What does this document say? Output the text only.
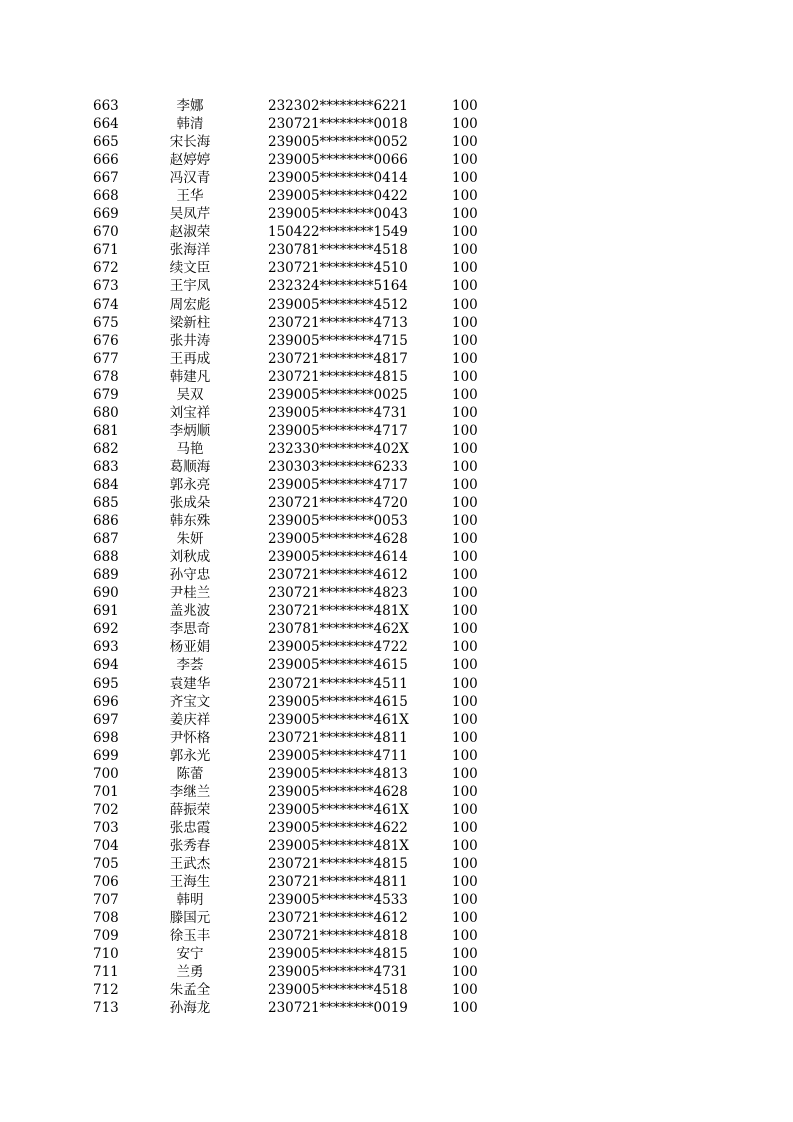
663	李娜	232302********6221	100
664	韩清	230721********0018	100
665	宋长海	239005********0052	100
666	赵婷婷	239005********0066	100
667	冯汉青	239005********0414	100
668	王华	239005********0422	100
669	吴凤芹	239005********0043	100
670	赵淑荣	150422********1549	100
671	张海洋	230781********4518	100
672	续文臣	230721********4510	100
673	王宇凤	232324********5164	100
674	周宏彪	239005********4512	100
675	梁新柱	230721********4713	100
676	张井涛	239005********4715	100
677	王再成	230721********4817	100
678	韩建凡	230721********4815	100
679	吴双	239005********0025	100
680	刘宝祥	239005********4731	100
681	李炳顺	239005********4717	100
682	马艳	232330********402X	100
683	葛顺海	230303********6233	100
684	郭永亮	239005********4717	100
685	张成朵	230721********4720	100
686	韩东殊	239005********0053	100
687	朱妍	239005********4628	100
688	刘秋成	239005********4614	100
689	孙守忠	230721********4612	100
690	尹桂兰	230721********4823	100
691	盖兆波	230721********481X	100
692	李思奇	230781********462X	100
693	杨亚娟	239005********4722	100
694	李荟	239005********4615	100
695	袁建华	230721********4511	100
696	齐宝文	239005********4615	100
697	姜庆祥	239005********461X	100
698	尹怀格	230721********4811	100
699	郭永光	239005********4711	100
700	陈蕾	239005********4813	100
701	李继兰	239005********4628	100
702	薛振荣	239005********461X	100
703	张忠霞	239005********4622	100
704	张秀春	239005********481X	100
705	王武杰	230721********4815	100
706	王海生	230721********4811	100
707	韩明	239005********4533	100
708	滕国元	230721********4612	100
709	徐玉丰	230721********4818	100
710	安宁	239005********4815	100
711	兰勇	239005********4731	100
712	朱孟全	239005********4518	100
713	孙海龙	230721********0019	100
